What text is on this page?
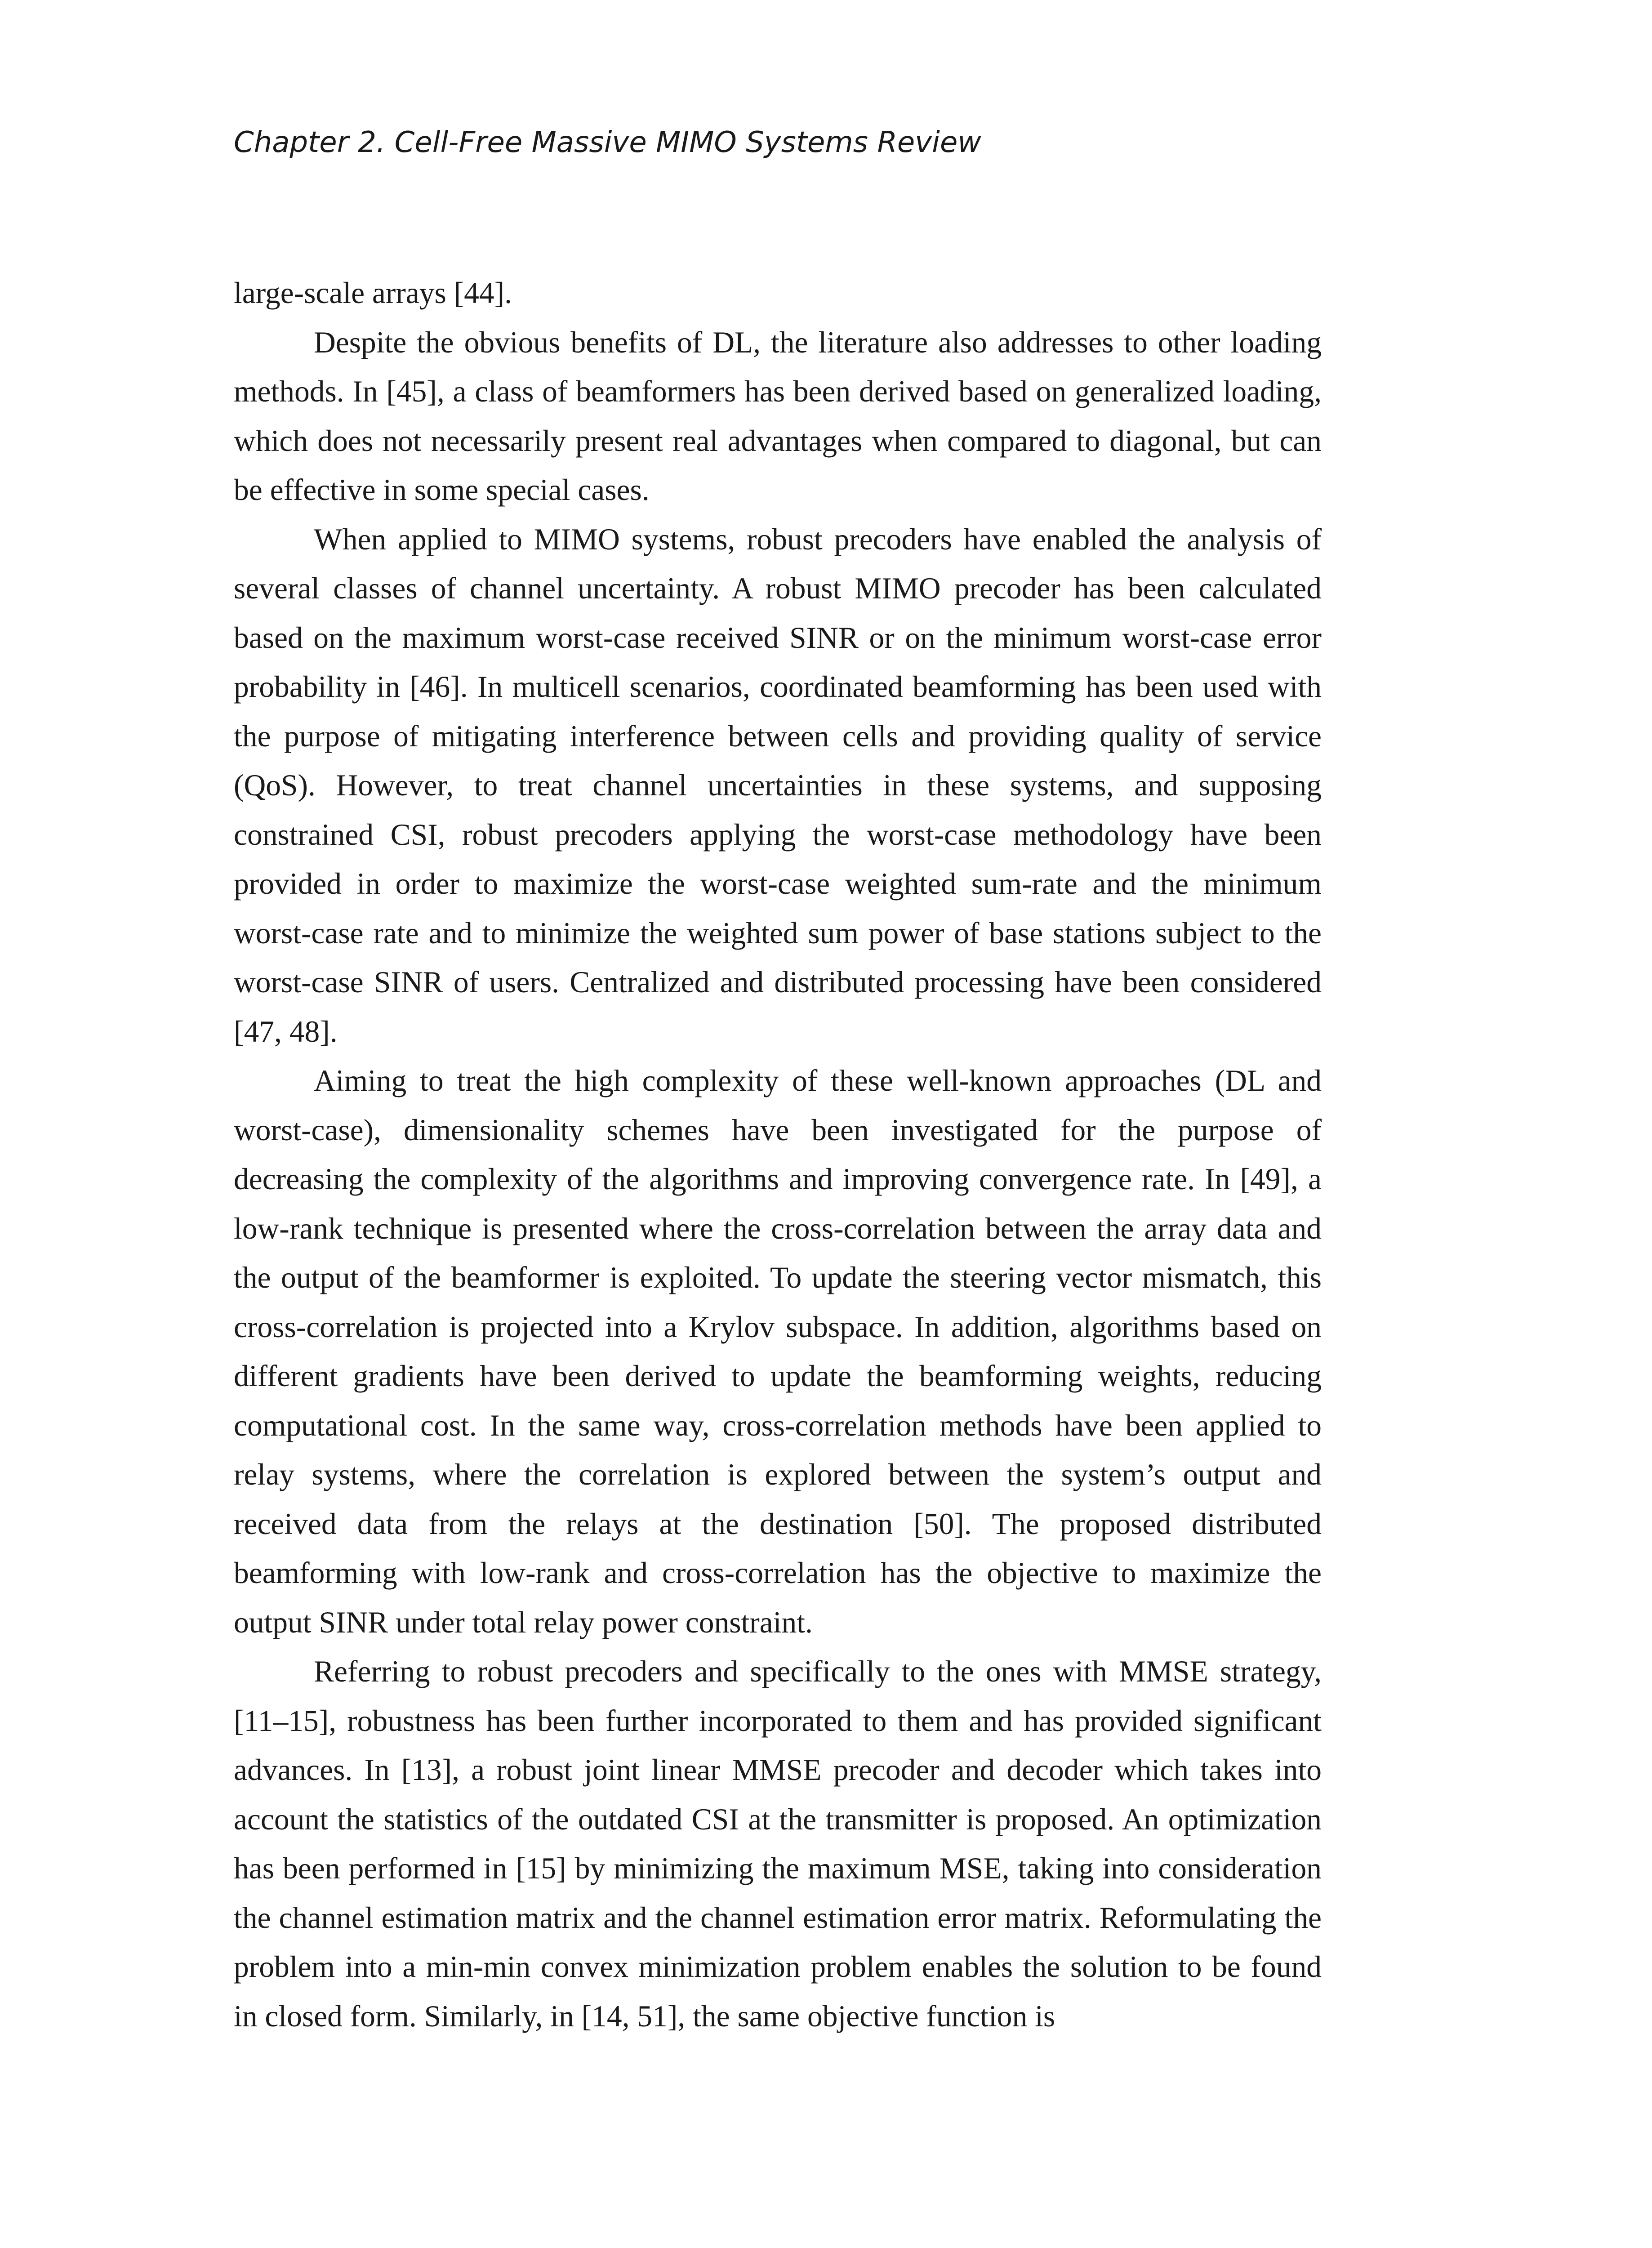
Chapter 2. Cell-Free Massive MIMO Systems Review

large-scale arrays [44].

Despite the obvious benefits of DL, the literature also addresses to other loading methods. In [45], a class of beamformers has been derived based on generalized loading, which does not necessarily present real advantages when compared to diagonal, but can be effective in some special cases.

When applied to MIMO systems, robust precoders have enabled the analysis of several classes of channel uncertainty. A robust MIMO precoder has been calculated based on the maximum worst-case received SINR or on the minimum worst-case error probability in [46]. In multicell scenarios, coordinated beamforming has been used with the purpose of mitigating interference between cells and providing quality of service (QoS). However, to treat channel uncertainties in these systems, and supposing constrained CSI, robust precoders applying the worst-case methodology have been provided in order to maximize the worst-case weighted sum-rate and the minimum worst-case rate and to minimize the weighted sum power of base stations subject to the worst-case SINR of users. Centralized and distributed processing have been considered [47, 48].

Aiming to treat the high complexity of these well-known approaches (DL and worst-case), dimensionality schemes have been investigated for the purpose of decreasing the complexity of the algorithms and improving convergence rate. In [49], a low-rank technique is presented where the cross-correlation between the array data and the output of the beamformer is exploited. To update the steering vector mismatch, this cross-correlation is projected into a Krylov subspace. In addition, algorithms based on different gradients have been derived to update the beamforming weights, reducing computational cost. In the same way, cross-correlation methods have been applied to relay systems, where the correlation is explored between the system’s output and received data from the relays at the destination [50]. The proposed distributed beamforming with low-rank and cross-correlation has the objective to maximize the output SINR under total relay power constraint.

Referring to robust precoders and specifically to the ones with MMSE strategy, [11–15], robustness has been further incorporated to them and has provided significant advances. In [13], a robust joint linear MMSE precoder and decoder which takes into account the statistics of the outdated CSI at the transmitter is proposed. An optimization has been performed in [15] by minimizing the maximum MSE, taking into consideration the channel estimation matrix and the channel estimation error matrix. Reformulating the problem into a min-min convex minimization problem enables the solution to be found in closed form. Similarly, in [14, 51], the same objective function is
